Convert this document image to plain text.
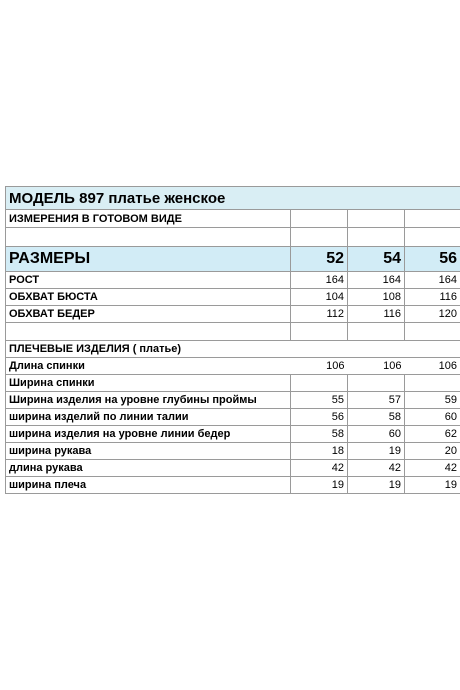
МОДЕЛЬ 897 платье женское			
ИЗМЕРЕНИЯ В ГОТОВОМ ВИДЕ			

РАЗМЕРЫ	52	54	56
РОСТ	164	164	164
ОБХВАТ БЮСТА	104	108	116
ОБХВАТ БЕДЕР	112	116	120

ПЛЕЧЕВЫЕ ИЗДЕЛИЯ ( платье)			
Длина спинки	106	106	106
Ширина спинки			
Ширина изделия на уровне глубины проймы	55	57	59
ширина изделий по линии талии	56	58	60
ширина изделия на уровне линии бедер	58	60	62
ширина рукава	18	19	20
длина рукава	42	42	42
ширина плеча	19	19	19
